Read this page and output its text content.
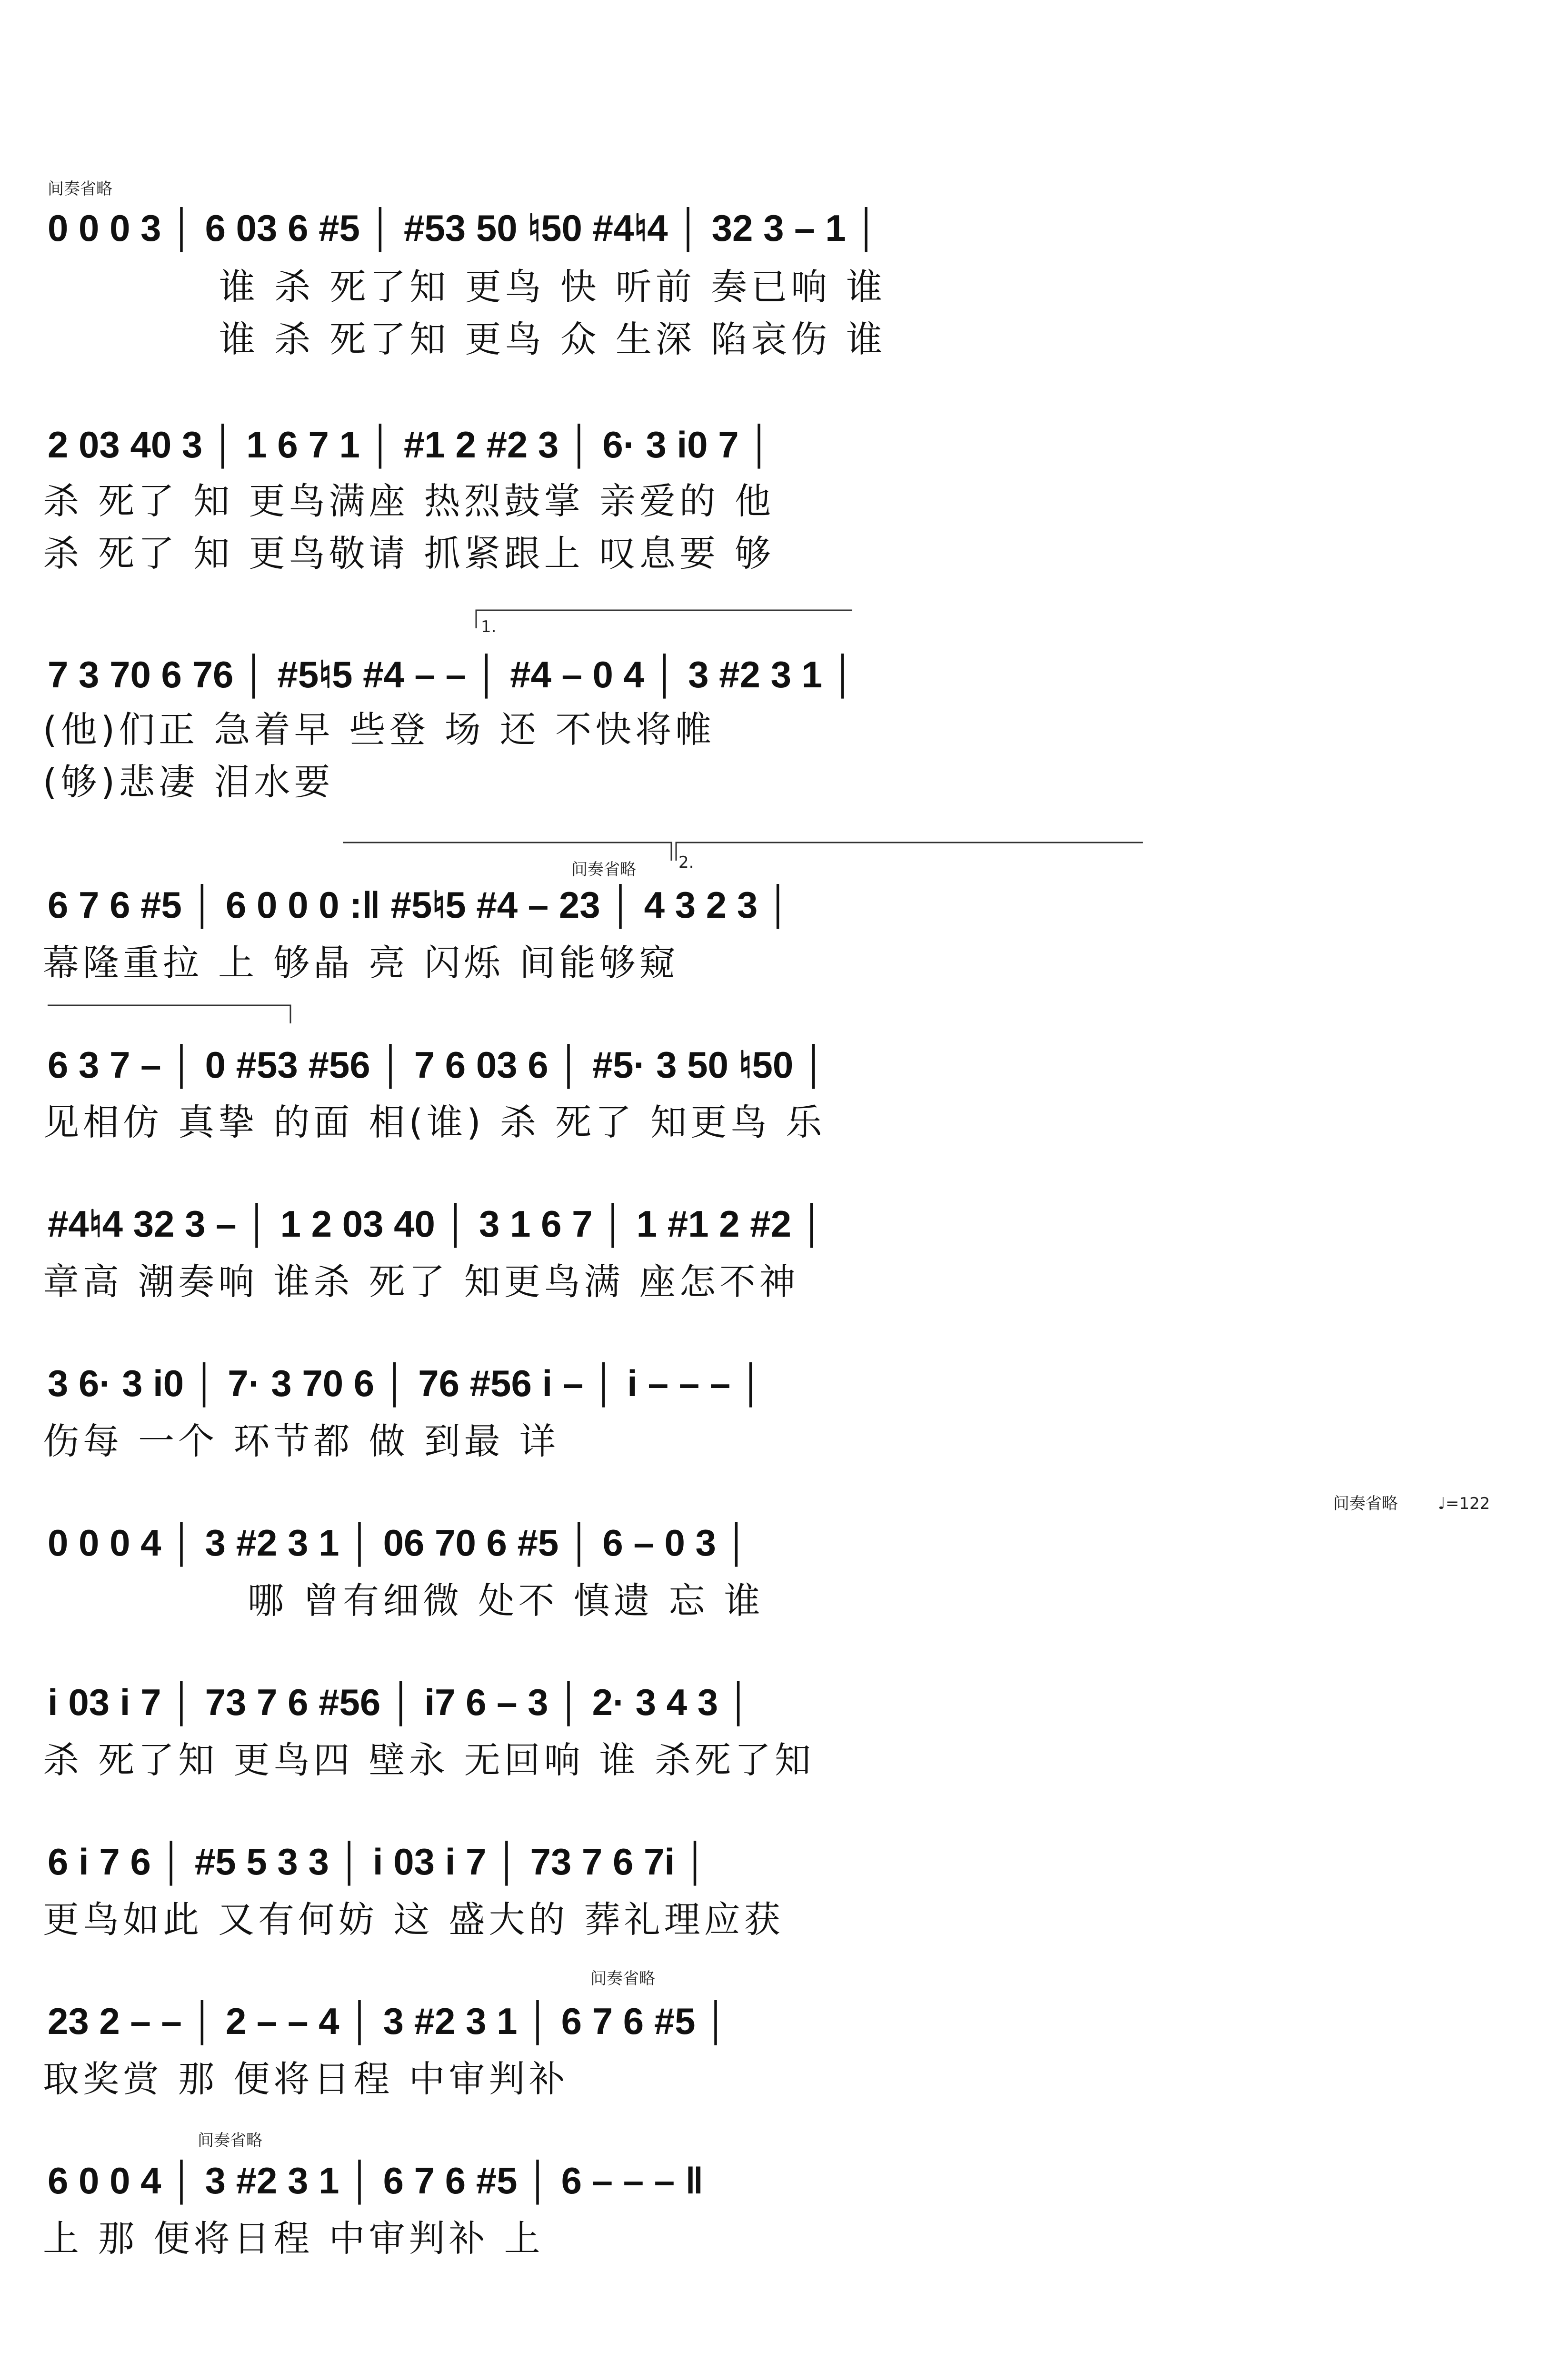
间奏省略
1.
间奏省略	2.
间奏省略 ♩=122
间奏省略
间奏省略
0 0 0 3 │ 6 03 6 #5 │ #53 50 ♮50 #4♮4 │ 32 3 – 1 │
谁 杀 死了知 更鸟 快 听前 奏已响 谁
谁 杀 死了知 更鸟 众 生深 陷哀伤 谁
2 03 40 3 │ 1 6 7 1 │ #1 2 #2 3 │ 6· 3 i0 7 │
杀 死了 知 更鸟满座 热烈鼓掌 亲爱的 他
杀 死了 知 更鸟敬请 抓紧跟上 叹息要 够
7 3 70 6 76 │ #5♮5 #4 – – │ #4 – 0 4 │ 3 #2 3 1 │
(他)们正 急着早 些登 场 还 不快将帷
(够)悲凄 泪水要
6 7 6 #5 │ 6 0 0 0 :‖ #5♮5 #4 – 23 │ 4 3 2 3 │
幕隆重拉 上 够晶 亮 闪烁 间能够窥
6 3 7 – │ 0 #53 #56 │ 7 6 03 6 │ #5· 3 50 ♮50 │
见相仿 真挚 的面 相(谁) 杀 死了 知更鸟 乐
#4♮4 32 3 – │ 1 2 03 40 │ 3 1 6 7 │ 1 #1 2 #2 │
章高 潮奏响 谁杀 死了 知更鸟满 座怎不神
3 6· 3 i0 │ 7· 3 70 6 │ 76 #56 i – │ i – – – │
伤每 一个 环节都 做 到最 详
0 0 0 4 │ 3 #2 3 1 │ 06 70 6 #5 │ 6 – 0 3 │
哪 曾有细微 处不 慎遗 忘 谁
i 03 i 7 │ 73 7 6 #56 │ i7 6 – 3 │ 2· 3 4 3 │
杀 死了知 更鸟四 壁永 无回响 谁 杀死了知
6 i 7 6 │ #5 5 3 3 │ i 03 i 7 │ 73 7 6 7i │
更鸟如此 又有何妨 这 盛大的 葬礼理应获
23 2 – – │ 2 – – 4 │ 3 #2 3 1 │ 6 7 6 #5 │
取奖赏 那 便将日程 中审判补
6 0 0 4 │ 3 #2 3 1 │ 6 7 6 #5 │ 6 – – – ‖
上 那 便将日程 中审判补 上
